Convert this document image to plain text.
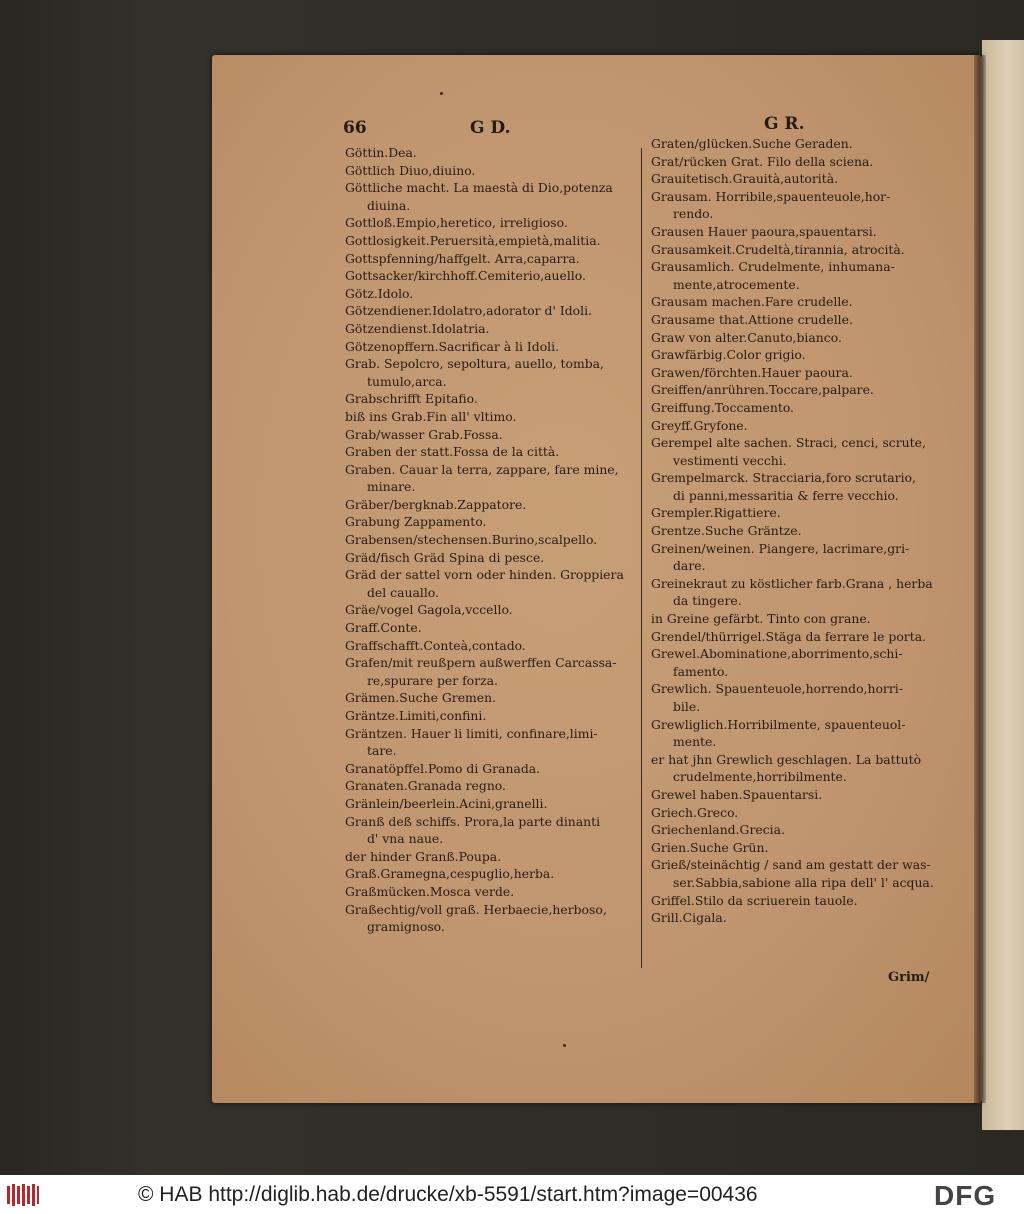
66	G D.	G R.

Göttin.Dea.

Göttlich Diuo,diuino.

Göttliche macht. La maestà di Dio,potenza

diuina.

Gottloß.Empio,heretico, irreligioso.

Gottlosigkeit.Peruersità,empietà,malitia.

Gottspfenning/haffgelt. Arra,caparra.

Gottsacker/kirchhoff.Cemiterio,auello.

Götz.Idolo.

Götzendiener.Idolatro,adorator d' Idoli.

Götzendienst.Idolatria.

Götzenopffern.Sacrificar à li Idoli.

Grab. Sepolcro, sepoltura, auello, tomba,

tumulo,arca.

Grabschrifft Epitafio.

biß ins Grab.Fin all' vltimo.

Grab/wasser Grab.Fossa.

Graben der statt.Fossa de la città.

Graben. Cauar la terra, zappare, fare mine,

minare.

Gräber/bergknab.Zappatore.

Grabung Zappamento.

Grabensen/stechensen.Burino,scalpello.

Gräd/fisch Gräd Spina di pesce.

Gräd der sattel vorn oder hinden. Groppiera

del cauallo.

Gräe/vogel Gagola,vccello.

Graff.Conte.

Graffschafft.Conteà,contado.

Grafen/mit reußpern außwerffen Carcassa-

re,spurare per forza.

Grämen.Suche Gremen.

Gräntze.Limiti,confini.

Gräntzen. Hauer li limiti, confinare,limi-

tare.

Granatöpffel.Pomo di Granada.

Granaten.Granada regno.

Gränlein/beerlein.Acini,granelli.

Granß deß schiffs. Prora,la parte dinanti

d' vna naue.

der hinder Granß.Poupa.

Graß.Gramegna,cespuglio,herba.

Graßmücken.Mosca verde.

Graßechtig/voll graß. Herbaecie,herboso,

gramignoso.

Graten/glücken.Suche Geraden.

Grat/rücken Grat. Filo della sciena.

Grauitetisch.Grauità,autorità.

Grausam. Horribile,spauenteuole,hor-

rendo.

Grausen Hauer paoura,spauentarsi.

Grausamkeit.Crudeltà,tirannia, atrocità.

Grausamlich. Crudelmente, inhumana-

mente,atrocemente.

Grausam machen.Fare crudelle.

Grausame that.Attione crudelle.

Graw von alter.Canuto,bianco.

Grawfärbig.Color grigio.

Grawen/förchten.Hauer paoura.

Greiffen/anrühren.Toccare,palpare.

Greiffung.Toccamento.

Greyff.Gryfone.

Gerempel alte sachen. Straci, cenci, scrute,

vestimenti vecchi.

Grempelmarck. Stracciaria,foro scrutario,

di panni,messaritia & ferre vecchio.

Grempler.Rigattiere.

Grentze.Suche Gräntze.

Greinen/weinen. Piangere, lacrimare,gri-

dare.

Greinekraut zu köstlicher farb.Grana , herba

da tingere.

in Greine gefärbt. Tinto con grane.

Grendel/thürrigel.Stäga da ferrare le porta.

Grewel.Abominatione,aborrimento,schi-

famento.

Grewlich. Spauenteuole,horrendo,horri-

bile.

Grewliglich.Horribilmente, spauenteuol-

mente.

er hat jhn Grewlich geschlagen. La battutò

crudelmente,horribilmente.

Grewel haben.Spauentarsi.

Griech.Greco.

Griechenland.Grecia.

Grien.Suche Grün.

Grieß/steinächtig / sand am gestatt der was-

ser.Sabbia,sabione alla ripa dell' l' acqua.

Griffel.Stilo da scriuerein tauole.

Grill.Cigala.

Grim/
© HAB http://diglib.hab.de/drucke/xb-5591/start.htm?image=00436	DFG
